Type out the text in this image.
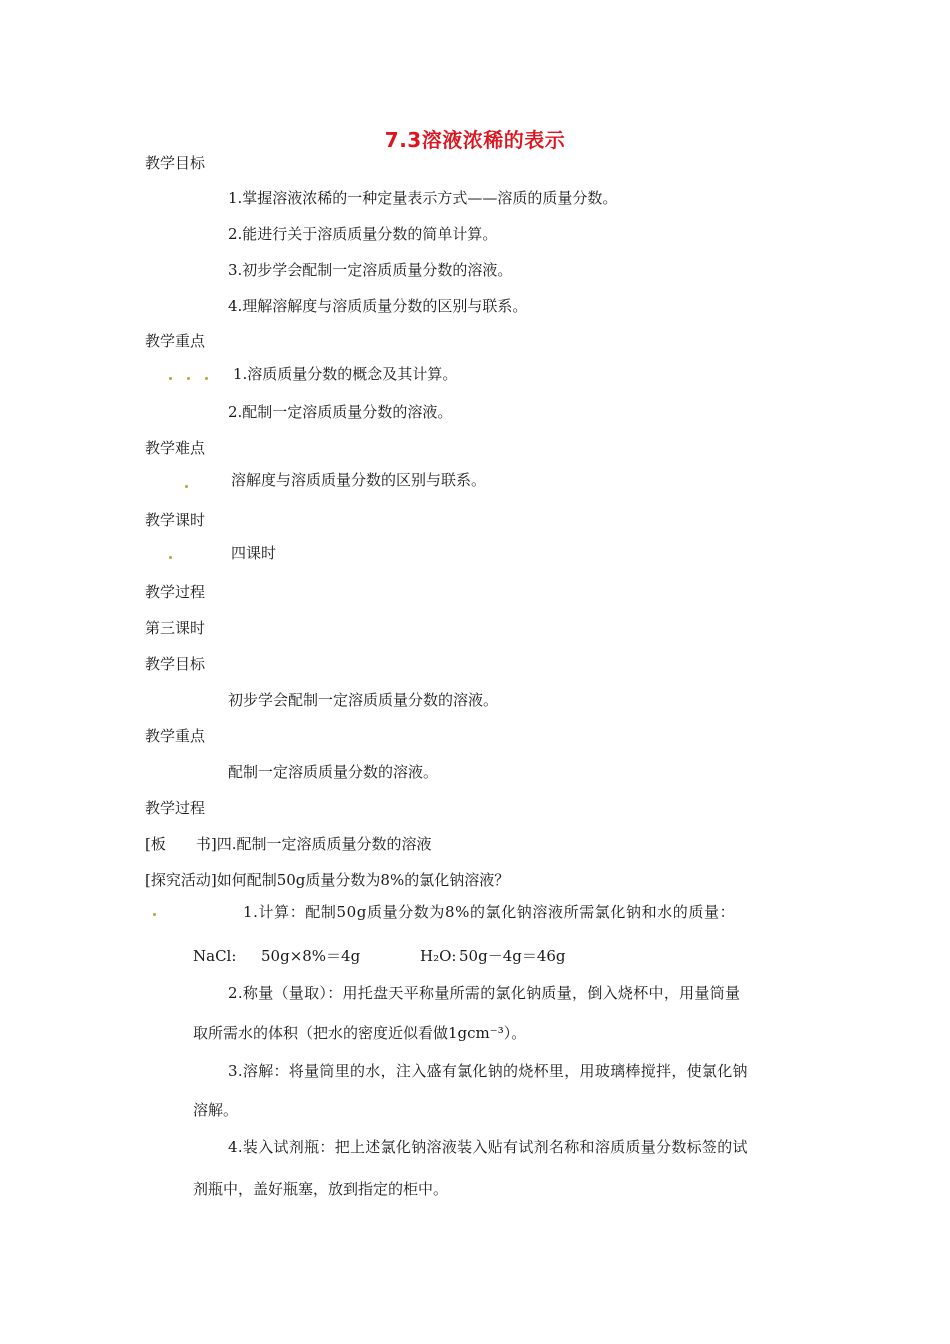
7.3溶液浓稀的表示
教学目标
1.掌握溶液浓稀的一种定量表示方式——溶质的质量分数。
2.能进行关于溶质质量分数的简单计算。
3.初步学会配制一定溶质质量分数的溶液。
4.理解溶解度与溶质质量分数的区别与联系。
教学重点
1.溶质质量分数的概念及其计算。
2.配制一定溶质质量分数的溶液。
教学难点
溶解度与溶质质量分数的区别与联系。
教学课时
四课时
教学过程
第三课时
教学目标
初步学会配制一定溶质质量分数的溶液。
教学重点
配制一定溶质质量分数的溶液。
教学过程
[板　　书]四.配制一定溶质质量分数的溶液
[探究活动]如何配制50g质量分数为8%的氯化钠溶液？
1.计算：配制50g质量分数为8%的氯化钠溶液所需氯化钠和水的质量：
NaCl: 50g×8%＝4g	H₂O: 50g－4g＝46g
2.称量（量取）：用托盘天平称量所需的氯化钠质量，倒入烧杯中，用量筒量
取所需水的体积（把水的密度近似看做1gcm⁻³）。
3.溶解：将量筒里的水，注入盛有氯化钠的烧杯里，用玻璃棒搅拌，使氯化钠
溶解。
4.装入试剂瓶：把上述氯化钠溶液装入贴有试剂名称和溶质质量分数标签的试
剂瓶中，盖好瓶塞，放到指定的柜中。
